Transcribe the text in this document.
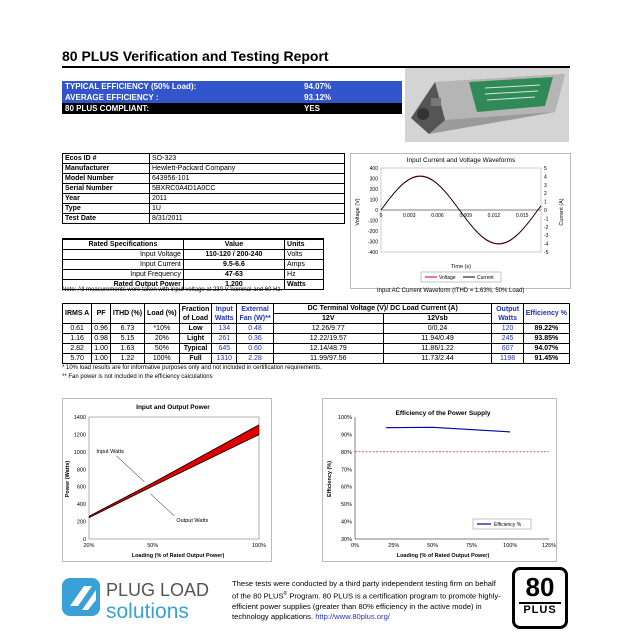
80 PLUS Verification and Testing Report
TYPICAL EFFICIENCY (50% Load):	94.07%
AVERAGE EFFICIENCY :	93.12%
80 PLUS COMPLIANT:	YES
Ecos ID #	SO-323
Manufacturer	Hewlett-Packard Company
Model Number	643956-101
Serial Number	5BXRC0A4D1A0CC
Year	2011
Type	1U
Test Date	8/31/2011
Rated Specifications	Value	Units
Input Voltage	110-120 / 200-240	Volts
Input Current	9.5-6.6	Amps
Input Frequency	47-63	Hz
Rated Output Power	1,200	Watts
Note: All measurements were taken with input voltage at 230 V nominal and 60 Hz.
Input Current and Voltage Waveforms
400
300
200
100
0
-100
-200
-300
-400
5
4
3
2
1
0
-1
-2
-3
-4
-5
0	0.003	0.006	0.009	0.012	0.015
Voltage (V)	Current (A)
Time (s)
Voltage	Current
Input AC Current Waveform (ITHD = 1.63%, 50% Load)
IRMS A	PF	ITHD (%)	Load (%)	Fraction of Load	Input Watts	External Fan (W)**	DC Terminal Voltage (V)/ DC Load Current (A)		Output Watts	Efficiency %
							12V	12Vsb		
0.61	0.96	6.73	*10%	Low	134	0.48	12.26/9.77	0/0.24	120	89.22%
1.16	0.98	5.15	20%	Light	261	0.36	12.22/19.57	11.94/0.49	245	93.85%
2.82	1.00	1.63	50%	Typical	645	0.60	12.14/48.79	11.86/1.22	607	94.07%
5.70	1.00	1.22	100%	Full	1310	2.28	11.99/97.56	11.73/2.44	1198	91.45%
* 10% load results are for informative purposes only and not included in certification requirements.
** Fan power is not included in the efficiency calculations
Input and Output Power
0
200
400
600
800
1000
1200
1400
20%	50%	100%
Input Watts
Output Watts
Power (Watts)
Loading (% of Rated Output Power)
Efficiency of the Power Supply
30%
40%
50%
60%
70%
80%
90%
100%
0%	25%	50%	75%	100%	125%
Efficiency (%)
Loading (% of Rated Output Power)
Efficiency %
PLUG LOAD
solutions
These tests were conducted by a third party independent testing firm on behalf of the 80 PLUS® Program. 80 PLUS is a certification program to promote highly-efficient power supplies (greater than 80% efficiency in the active mode) in technology applications. http://www.80plus.org/
80
PLUS
